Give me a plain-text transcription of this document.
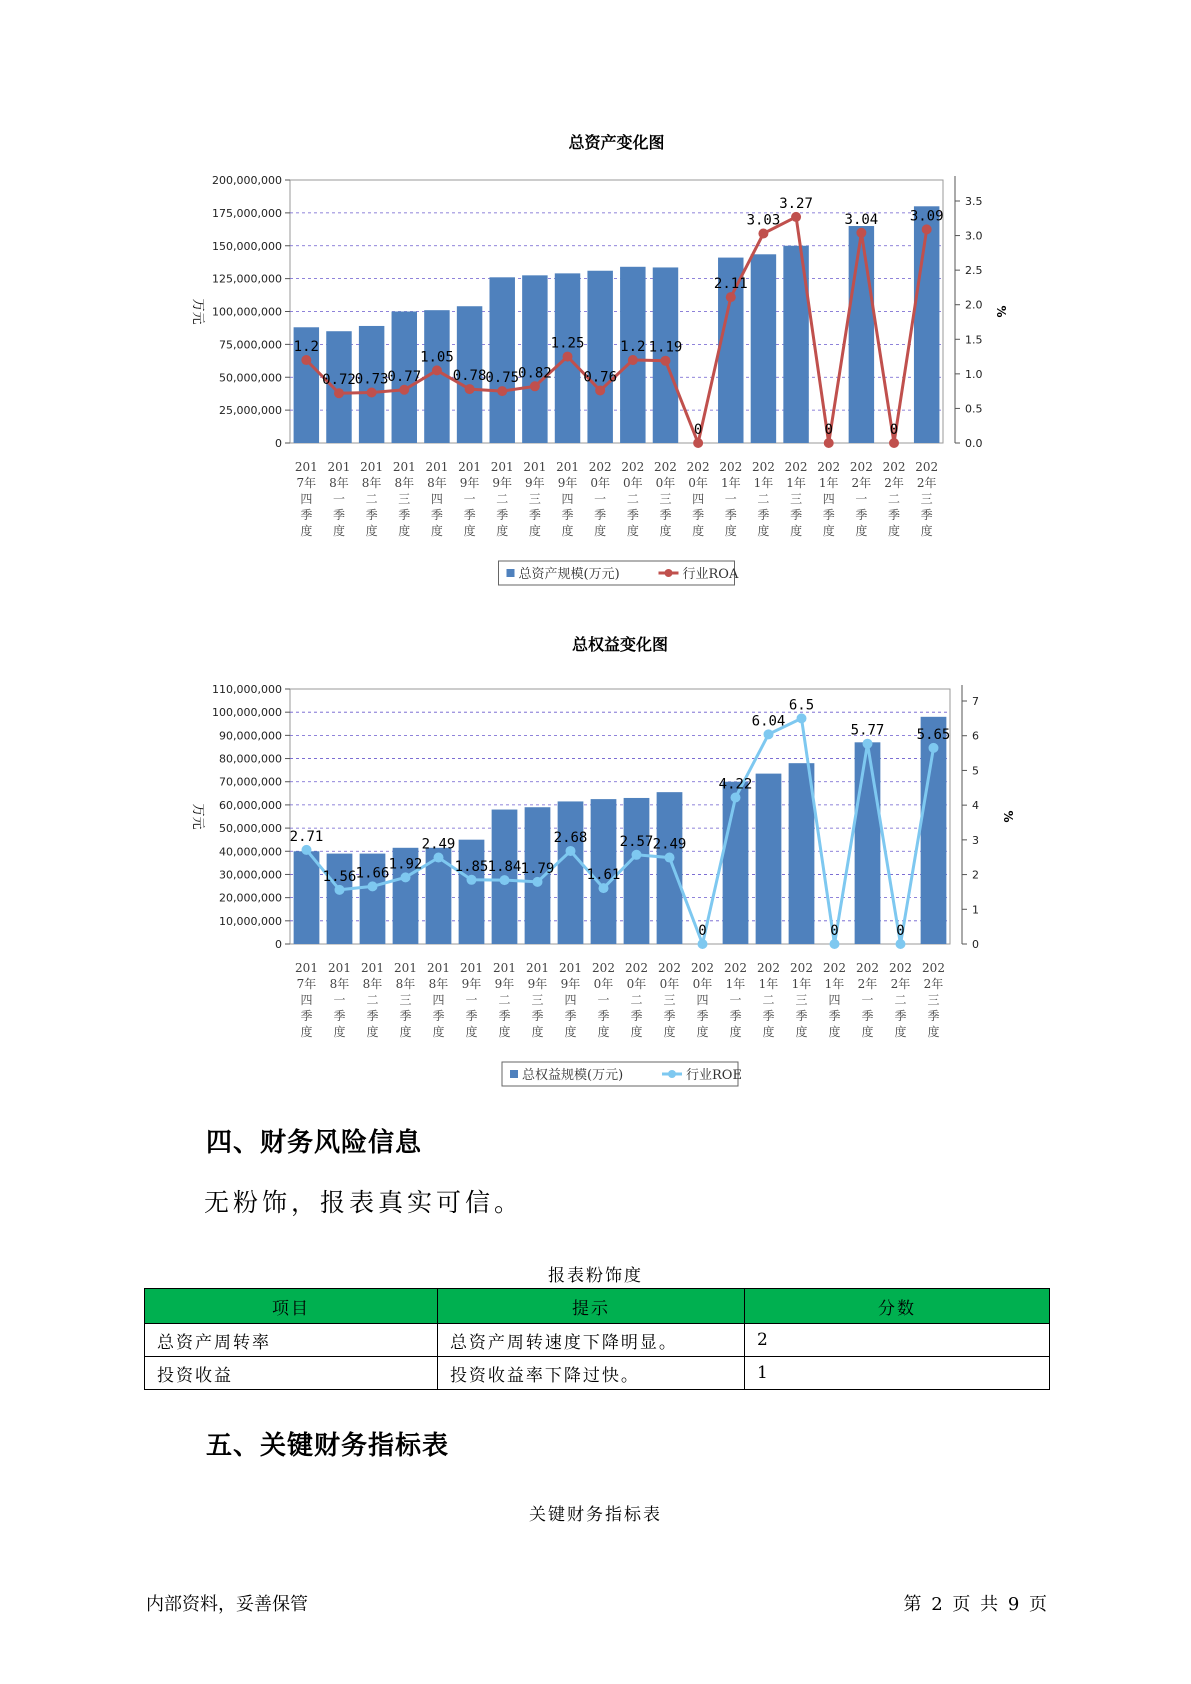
总资产变化图
200,000,000
175,000,000
150,000,000
125,000,000
100,000,000
75,000,000
50,000,000
25,000,000
0
3.5
3.0
2.5
2.0
1.5
1.0
0.5
0.0
万元	%
1.2
0.72
0.73
0.77
1.05
0.78
0.75
0.82
1.25
0.76
1.2 1.19
0
2.11
3.03
3.27
0
3.04
0
3.09
201
7年
四
季
度
201
8年
一
季
度
201
8年
二
季
度
201
8年
三
季
度
201
8年
四
季
度
201
9年
一
季
度
201
9年
二
季
度
201
9年
三
季
度
201
9年
四
季
度
202
0年
一
季
度
202
0年
二
季
度
202
0年
三
季
度
202
0年
四
季
度
202
1年
一
季
度
202
1年
二
季
度
202
1年
三
季
度
202
1年
四
季
度
202
2年
一
季
度
202
2年
二
季
度
202
2年
三
季
度
总资产规模(万元)	行业ROA
总权益变化图
110,000,000
100,000,000
90,000,000
80,000,000
70,000,000
60,000,000
50,000,000
40,000,000
30,000,000
20,000,000
10,000,000
0
7
6
5
4
3
2
1
0
万元	%
2.71
1.56 1.66
1.92
2.49
1.85 1.84 1.79
2.68
1.61
2.57 2.49
0
4.22
6.04
6.5
0
5.77
0
5.65
201
7年
四
季
度
201
8年
一
季
度
201
8年
二
季
度
201
8年
三
季
度
201
8年
四
季
度
201
9年
一
季
度
201
9年
二
季
度
201
9年
三
季
度
201
9年
四
季
度
202
0年
一
季
度
202
0年
二
季
度
202
0年
三
季
度
202
0年
四
季
度
202
1年
一
季
度
202
1年
二
季
度
202
1年
三
季
度
202
1年
四
季
度
202
2年
一
季
度
202
2年
二
季
度
202
2年
三
季
度
总权益规模(万元)	行业ROE
四、财务风险信息
无粉饰，报表真实可信。
报表粉饰度
项目	提示	分数
总资产周转率	总资产周转速度下降明显。	2
投资收益	投资收益率下降过快。	1
五、关键财务指标表
关键财务指标表
内部资料，妥善保管	第 2 页 共 9 页
